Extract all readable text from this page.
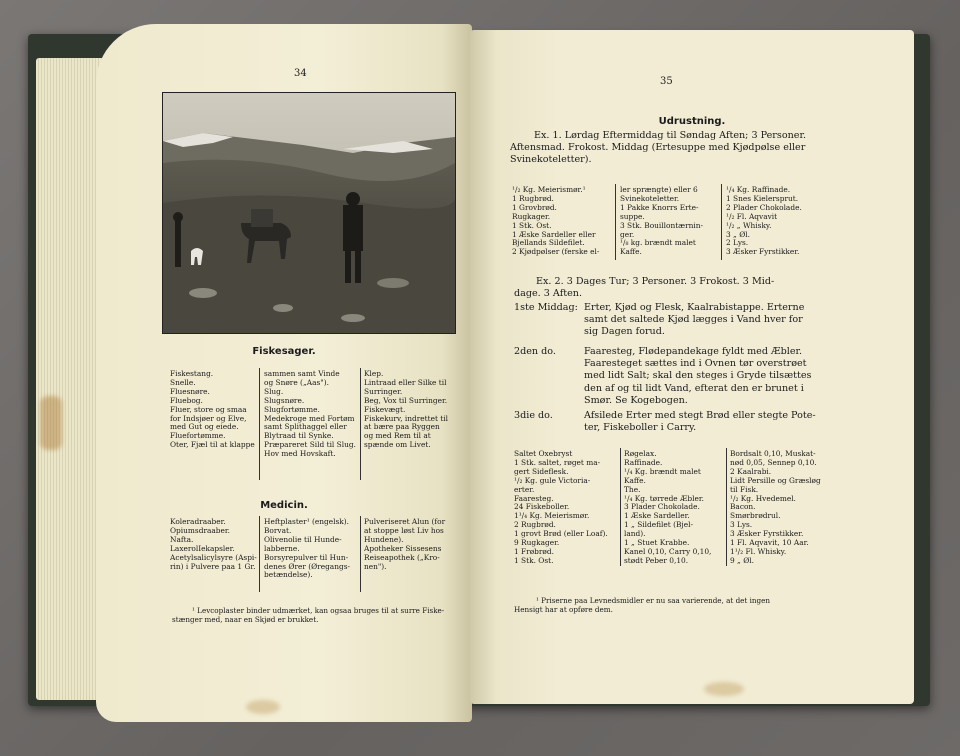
34
Fiskesager.
Fiskestang.
Snelle.
Fluesnøre.
Fluebog.
Fluer, store og smaa
for Indsjøer og Elve,
med Gut og eiede.
Fluefortømme.
Oter, Fjæl til at klappe
sammen samt Vinde
og Snøre („Aas").
Slug.
Slugsnøre.
Slugfortømme.
Medekroge med Fortøm
samt Splithaggel eller
Blytraad til Synke.
Præpareret Sild til Slug.
Hov med Hovskaft.
Klep.
Lintraad eller Silke til
Surringer.
Beg, Vox til Surringer.
Fiskevægt.
Fiskekurv, indrettet til
at bære paa Ryggen
og med Rem til at
spænde om Livet.
Medicin.
Koleradraaber.
Opiumsdraaber.
Nafta.
LaxerolIekapsler.
Acetylsalicylsyre (Aspi-
rin) i Pulvere paa 1 Gr.
Heftplaster¹ (engelsk).
Borvat.
Olivenolie til Hunde-
labberne.
Borsyrepulver til Hun-
denes Ører (Øregangs-
betændelse).
Pulveriseret Alun (for
at stoppe løst Liv hos
Hundene).
Apotheker Sissesens
Reiseapothek („Kro-
nen").
¹ Levcoplaster binder udmærket, kan ogsaa bruges til at surre Fiske-
stænger med, naar en Skjød er brukket.
35
Udrustning.
Ex. 1. Lørdag Eftermiddag til Søndag Aften; 3 Personer.
Aftensmad. Frokost. Middag (Ertesuppe med Kjødpølse eller
Svinekoteletter).
¹/₂ Kg. Meierismør.¹
1 Rugbrød.
1 Grovbrød.
Rugkager.
1 Stk. Ost.
1 Æske Sardeller eller
Bjellands Sildefilet.
2 Kjødpølser (ferske el-
ler sprængte) eller 6
Svinekoteletter.
1 Pakke Knorrs Erte-
suppe.
3 Stk. Bouillontærnin-
ger.
¹/₈ kg. brændt malet
Kaffe.
¹/₄ Kg. Raffinade.
1 Snes Kielersprut.
2 Plader Chokolade.
¹/₂ Fl. Aqvavit
¹/₂ „ Whisky.
3 „ Øl.
2 Lys.
3 Æsker Fyrstikker.
Ex. 2. 3 Dages Tur; 3 Personer. 3 Frokost. 3 Mid-
dage. 3 Aften.
1ste Middag: Erter, Kjød og Flesk, Kaalrabistappe. Erterne
samt det saltede Kjød lægges i Vand hver for
sig Dagen forud.
2den do.	Faaresteg, Flødepandekage fyldt med Æbler.
Faaresteget sættes ind i Ovnen tør overstrøet
med lidt Salt; skal den steges i Gryde tilsættes
den af og til lidt Vand, efterat den er brunet i
Smør. Se Kogebogen.
3die do.	Afsilede Erter med stegt Brød eller stegte Pote-
ter, Fiskeboller i Carry.
Saltet Oxebryst
1 Stk. saltet, røget ma-
gert Sideflesk.
¹/₂ Kg. gule Victoria-
erter.
Faaresteg.
24 Fiskeboller.
1¹/₄ Kg. Meierismør.
2 Rugbrød.
1 grovt Brød (eller Loaf).
9 Rugkager.
1 Frøbrød.
1 Stk. Ost.
Røgelax.
Raffinade.
¹/₄ Kg. brændt malet
Kaffe.
The.
¹/₄ Kg. tørrede Æbler.
3 Plader Chokolade.
1 Æske Sardeller.
1 „ Sildefilet (Bjel-
land).
1 „ Stuet Krabbe.
Kanel 0,10, Carry 0,10,
stødt Peber 0,10.
Bordsalt 0,10, Muskat-
nød 0,05, Sennep 0,10.
2 Kaalrabi.
Lidt Persille og Græsløg
til Fisk.
¹/₂ Kg. Hvedemel.
Bacon.
Smørbrødrul.
3 Lys.
3 Æsker Fyrstikker.
1 Fl. Aqvavit, 10 Aar.
1¹/₂ Fl. Whisky.
9 „ Øl.
¹ Priserne paa Levnedsmidler er nu saa varierende, at det ingen
Hensigt har at opføre dem.
